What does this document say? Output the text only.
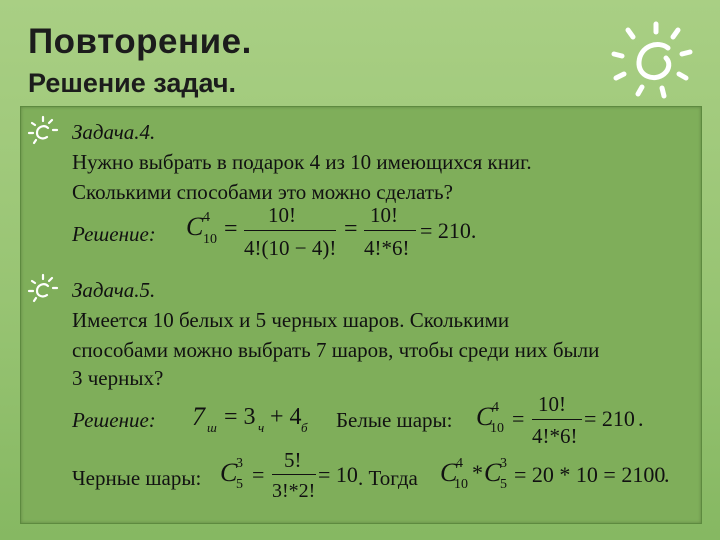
Повторение.
Решение задач.
Задача.4.
Нужно выбрать в подарок 4 из 10 имеющихся книг.
Сколькими способами это можно сделать?
Решение: C 4
10 =
10!
4!(10 − 4)!
=
10!
4!*6!
= 210.
Задача.5.
Имеется 10 белых и 5 черных шаров. Сколькими
способами можно выбрать 7 шаров, чтобы среди них были
3 черных?
Решение: 7 ш = 3 ч + 4 б Белые шары: C
4
10 =
10!
4!*6!
= 210 .
Черные шары: C
3
5 =
5!
3!*2!
= 10 . Тогда C
4
10 * C
3
5 = 20 * 10 = 2100
.
